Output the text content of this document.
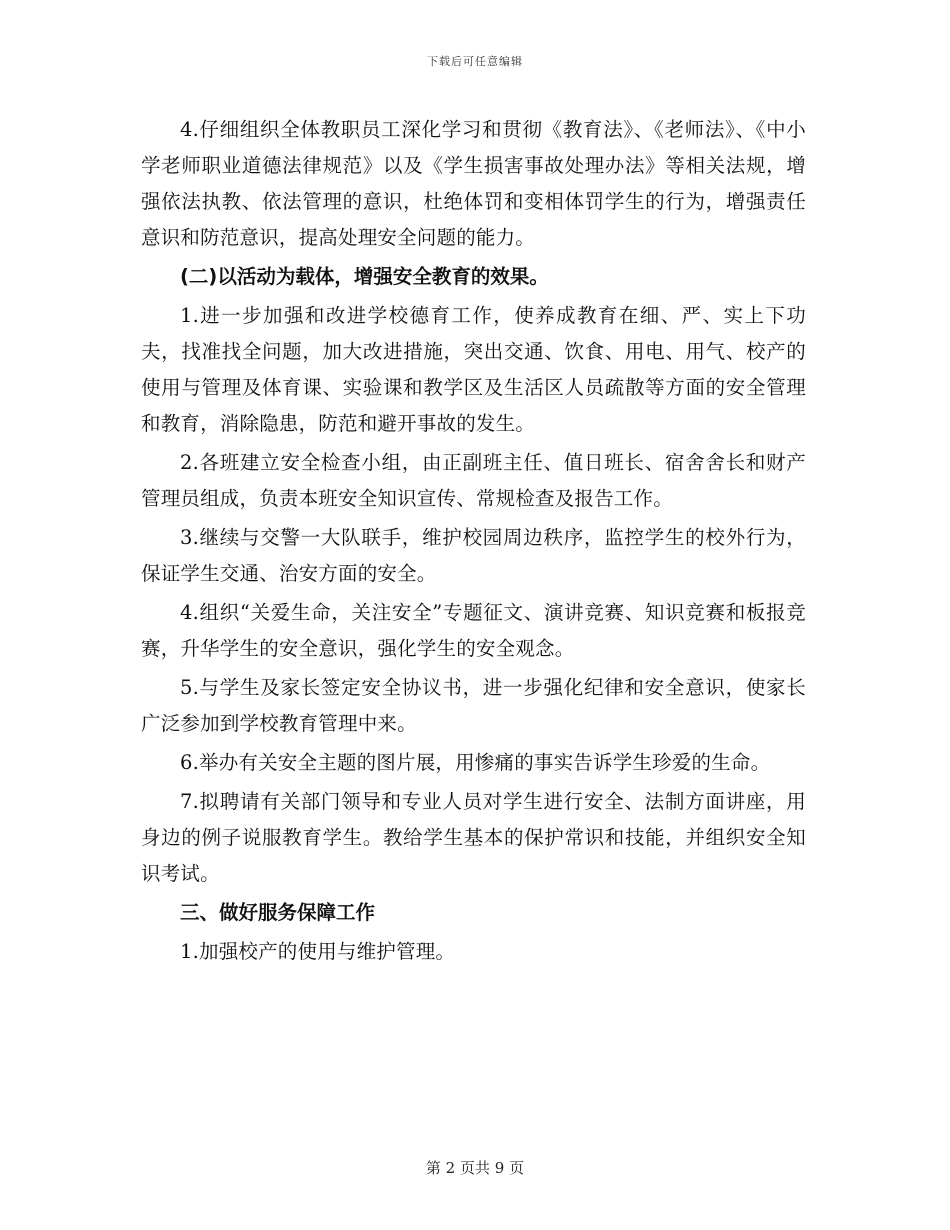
下载后可任意编辑

4.仔细组织全体教职员工深化学习和贯彻《教育法》、《老师法》、《中小学老师职业道德法律规范》以及《学生损害事故处理办法》等相关法规，增强依法执教、依法管理的意识，杜绝体罚和变相体罚学生的行为，增强责任意识和防范意识，提高处理安全问题的能力。

(二)以活动为载体，增强安全教育的效果。

1.进一步加强和改进学校德育工作，使养成教育在细、严、实上下功夫，找准找全问题，加大改进措施，突出交通、饮食、用电、用气、校产的使用与管理及体育课、实验课和教学区及生活区人员疏散等方面的安全管理和教育，消除隐患，防范和避开事故的发生。

2.各班建立安全检查小组，由正副班主任、值日班长、宿舍舍长和财产管理员组成，负责本班安全知识宣传、常规检查及报告工作。

3.继续与交警一大队联手，维护校园周边秩序，监控学生的校外行为，保证学生交通、治安方面的安全。

4.组织“关爱生命，关注安全”专题征文、演讲竞赛、知识竞赛和板报竞赛，升华学生的安全意识，强化学生的安全观念。

5.与学生及家长签定安全协议书，进一步强化纪律和安全意识，使家长广泛参加到学校教育管理中来。

6.举办有关安全主题的图片展，用惨痛的事实告诉学生珍爱的生命。

7.拟聘请有关部门领导和专业人员对学生进行安全、法制方面讲座，用身边的例子说服教育学生。教给学生基本的保护常识和技能，并组织安全知识考试。

三、做好服务保障工作

1.加强校产的使用与维护管理。

第 2 页共 9 页
